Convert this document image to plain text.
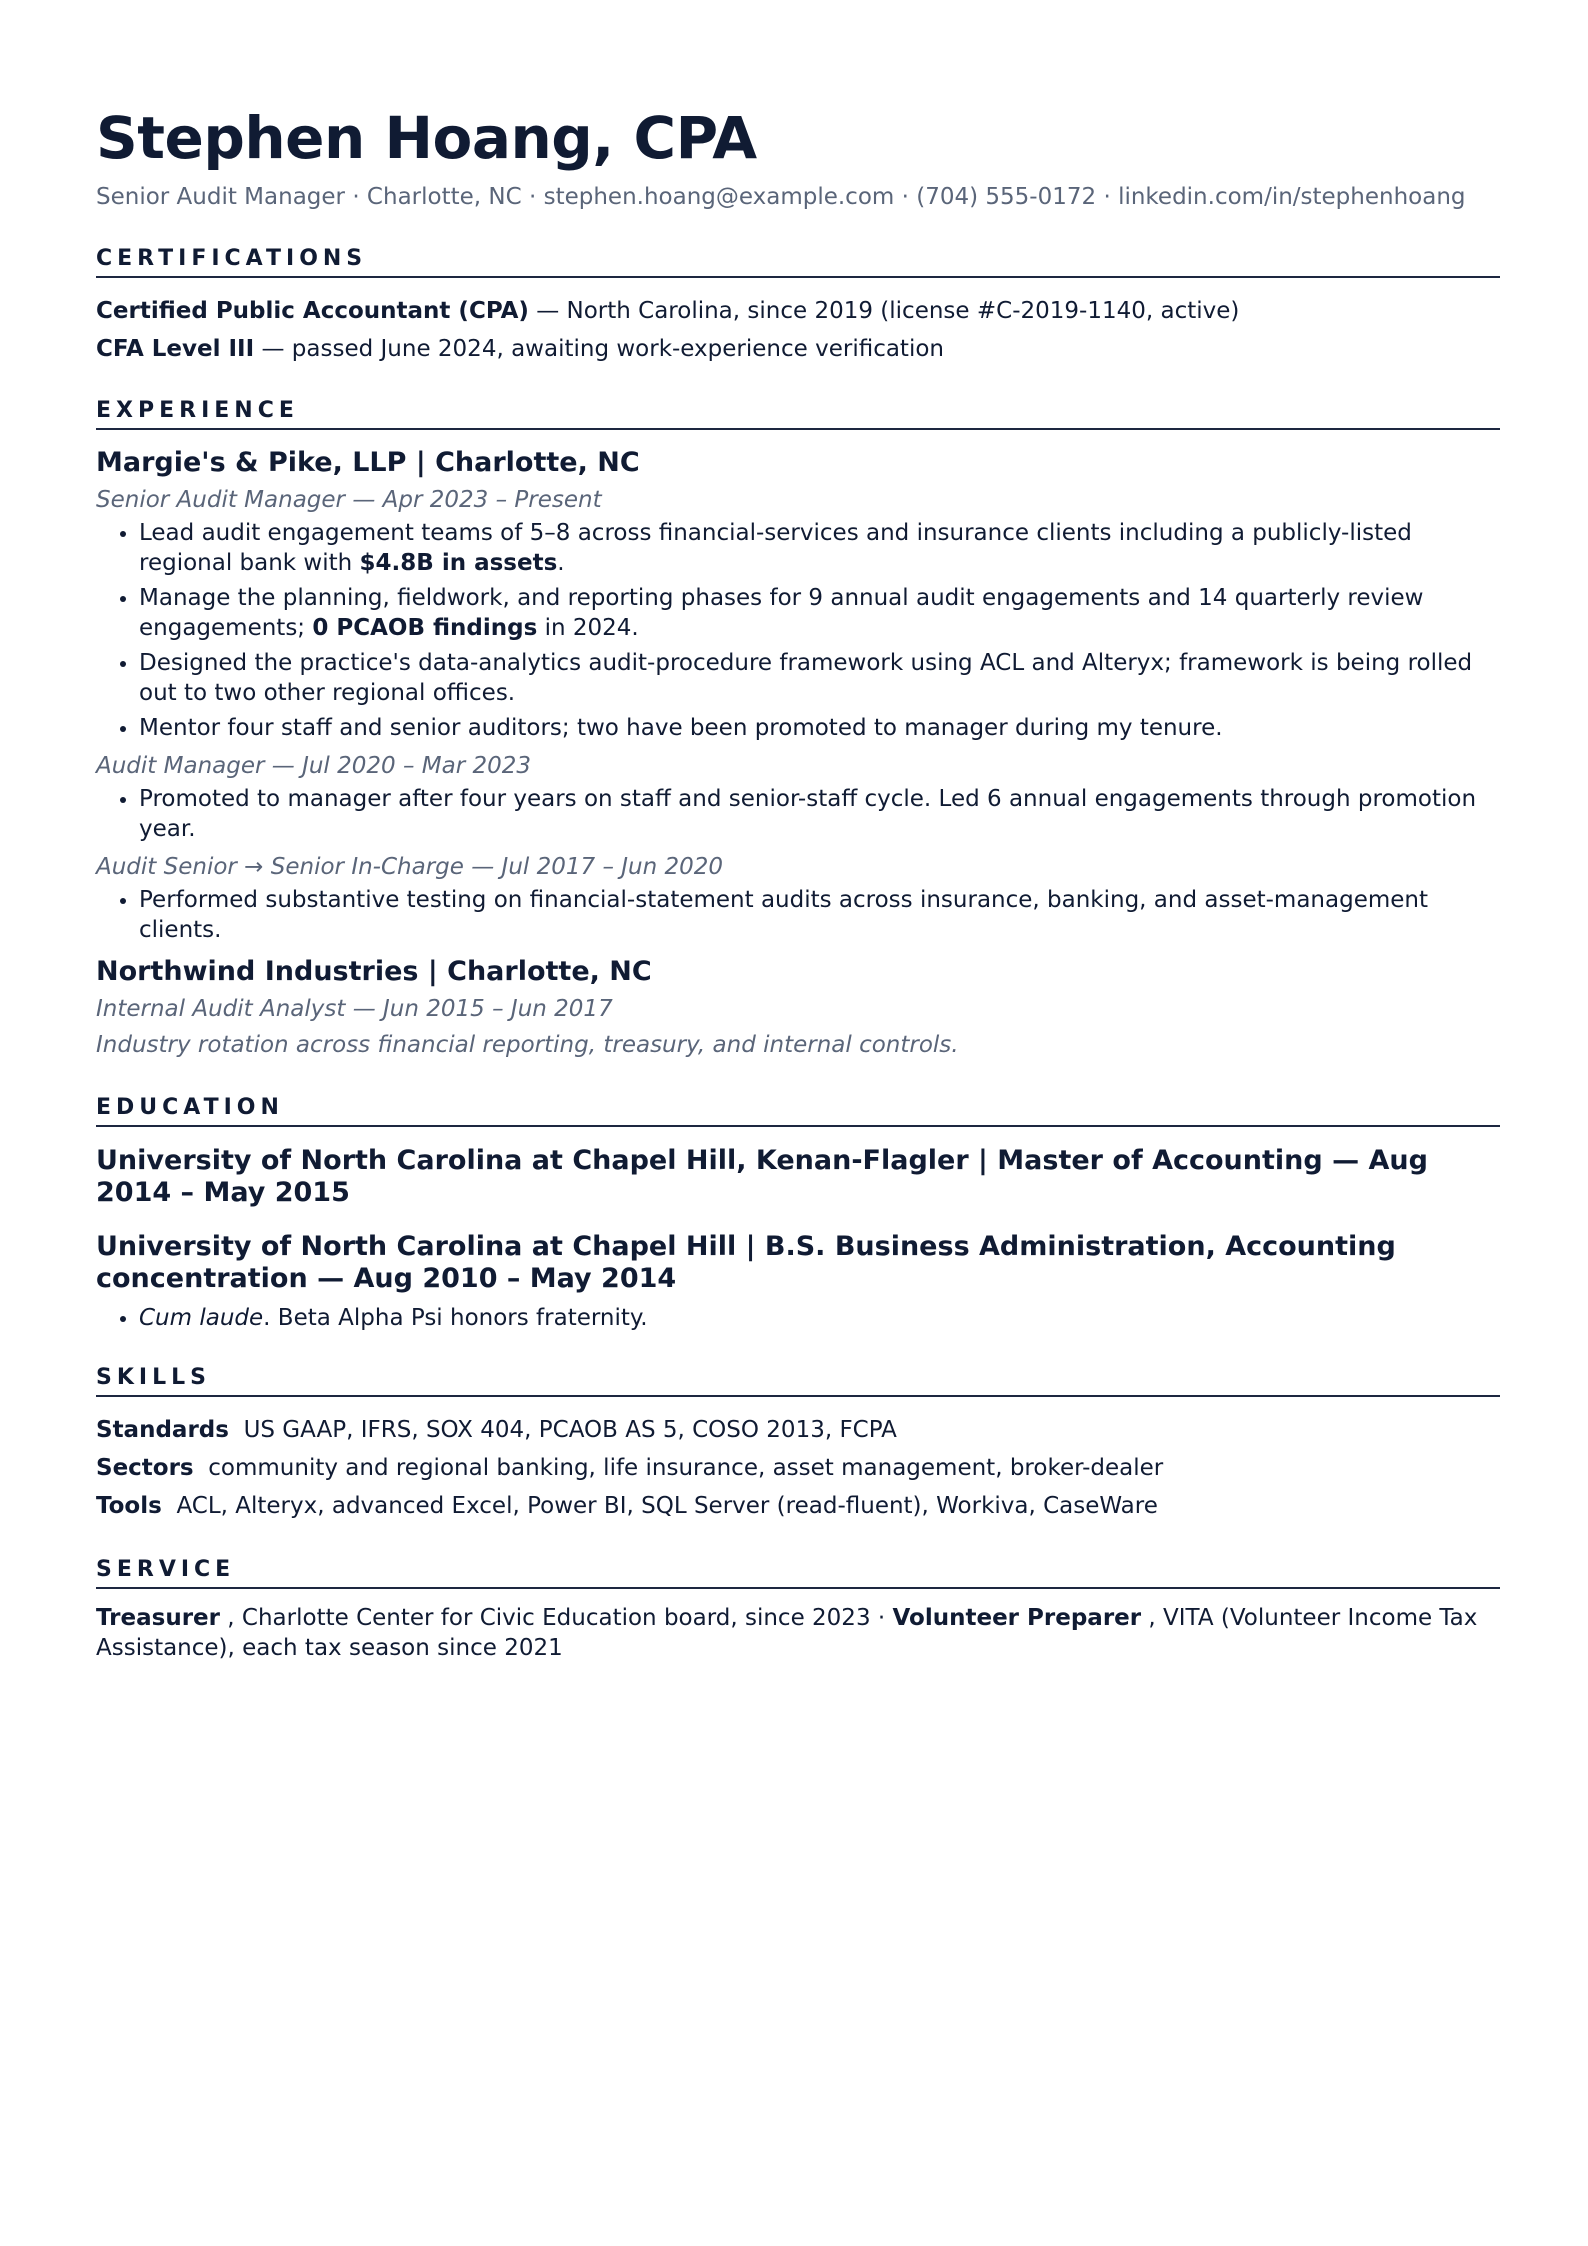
Stephen Hoang, CPA
Senior Audit Manager · Charlotte, NC · stephen.hoang@example.com · (704) 555-0172 · linkedin.com/in/stephenhoang
CERTIFICATIONS
Certified Public Accountant (CPA) — North Carolina, since 2019 (license #C-2019-1140, active)
CFA Level III — passed June 2024, awaiting work-experience verification
EXPERIENCE
Margie's & Pike, LLP | Charlotte, NC
Senior Audit Manager — Apr 2023 – Present
• Lead audit engagement teams of 5–8 across financial-services and insurance clients including a publicly-listed regional bank with $4.8B in assets.
• Manage the planning, fieldwork, and reporting phases for 9 annual audit engagements and 14 quarterly review engagements; 0 PCAOB findings in 2024.
• Designed the practice's data-analytics audit-procedure framework using ACL and Alteryx; framework is being rolled out to two other regional offices.
• Mentor four staff and senior auditors; two have been promoted to manager during my tenure.
Audit Manager — Jul 2020 – Mar 2023
• Promoted to manager after four years on staff and senior-staff cycle. Led 6 annual engagements through promotion year.
Audit Senior → Senior In-Charge — Jul 2017 – Jun 2020
• Performed substantive testing on financial-statement audits across insurance, banking, and asset-management clients.
Northwind Industries | Charlotte, NC
Internal Audit Analyst — Jun 2015 – Jun 2017
Industry rotation across financial reporting, treasury, and internal controls.
EDUCATION
University of North Carolina at Chapel Hill, Kenan-Flagler | Master of Accounting — Aug 2014 – May 2015
University of North Carolina at Chapel Hill | B.S. Business Administration, Accounting concentration — Aug 2010 – May 2014
• Cum laude. Beta Alpha Psi honors fraternity.
SKILLS
Standards US GAAP, IFRS, SOX 404, PCAOB AS 5, COSO 2013, FCPA
Sectors community and regional banking, life insurance, asset management, broker-dealer
Tools ACL, Alteryx, advanced Excel, Power BI, SQL Server (read-fluent), Workiva, CaseWare
SERVICE
Treasurer , Charlotte Center for Civic Education board, since 2023 · Volunteer Preparer , VITA (Volunteer Income Tax Assistance), each tax season since 2021
